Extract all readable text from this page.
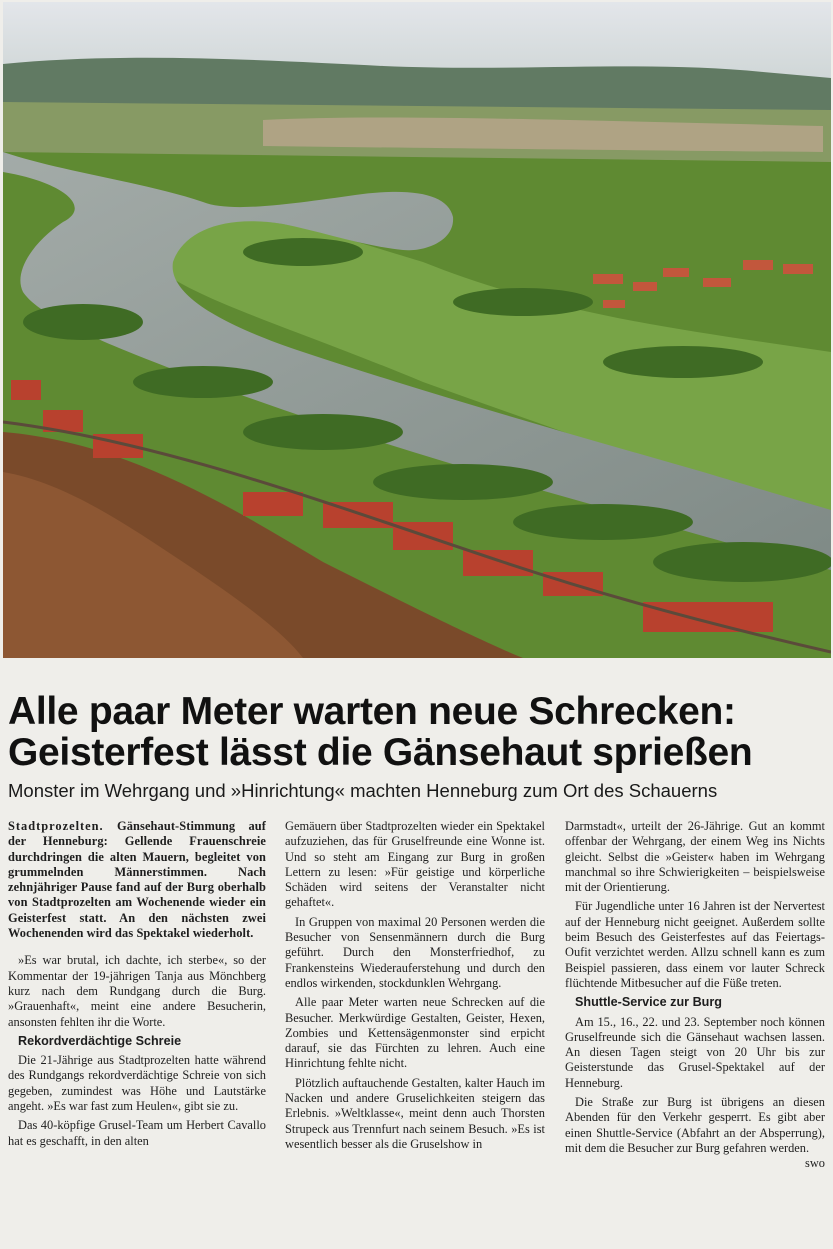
Alle paar Meter warten neue Schrecken:
Geisterfest lässt die Gänsehaut sprießen
Monster im Wehrgang und »Hinrichtung« machten Henneburg zum Ort des Schauerns

Stadtprozelten. Gänsehaut-Stimmung auf der Henneburg: Gellende Frauenschreie durchdringen die alten Mauern, begleitet von grummelnden Männerstimmen. Nach zehnjähriger Pause fand auf der Burg oberhalb von Stadtprozelten am Wochenende wieder ein Geisterfest statt. An den nächsten zwei Wochenenden wird das Spektakel wiederholt.

»Es war brutal, ich dachte, ich sterbe«, so der Kommentar der 19-jährigen Tanja aus Mönchberg kurz nach dem Rundgang durch die Burg. »Grauenhaft«, meint eine andere Besucherin, ansonsten fehlten ihr die Worte.

Rekordverdächtige Schreie

Die 21-Jährige aus Stadtprozelten hatte während des Rundgangs rekordverdächtige Schreie von sich gegeben, zumindest was Höhe und Lautstärke angeht. »Es war fast zum Heulen«, gibt sie zu.

Das 40-köpfige Grusel-Team um Herbert Cavallo hat es geschafft, in den alten

Gemäuern über Stadtprozelten wieder ein Spektakel aufzuziehen, das für Gruselfreunde eine Wonne ist. Und so steht am Eingang zur Burg in großen Lettern zu lesen: »Für geistige und körperliche Schäden wird seitens der Veranstalter nicht gehaftet«.

In Gruppen von maximal 20 Personen werden die Besucher von Sensenmännern durch die Burg geführt. Durch den Monsterfriedhof, zu Frankensteins Wiederauferstehung und durch den endlos wirkenden, stockdunklen Wehrgang.

Alle paar Meter warten neue Schrecken auf die Besucher. Merkwürdige Gestalten, Geister, Hexen, Zombies und Kettensägenmonster sind erpicht darauf, sie das Fürchten zu lehren. Auch eine Hinrichtung fehlte nicht.

Plötzlich auftauchende Gestalten, kalter Hauch im Nacken und andere Gruselichkeiten steigern das Erlebnis. »Weltklasse«, meint denn auch Thorsten Strupeck aus Trennfurt nach seinem Besuch. »Es ist wesentlich besser als die Gruselshow in

Darmstadt«, urteilt der 26-Jährige. Gut an kommt offenbar der Wehrgang, der einem Weg ins Nichts gleicht. Selbst die »Geister« haben im Wehrgang manchmal so ihre Schwierigkeiten – beispielsweise mit der Orientierung.

Für Jugendliche unter 16 Jahren ist der Nervertest auf der Henneburg nicht geeignet. Außerdem sollte beim Besuch des Geisterfestes auf das Feiertags-Oufit verzichtet werden. Allzu schnell kann es zum Beispiel passieren, dass einem vor lauter Schreck flüchtende Mitbesucher auf die Füße treten.

Shuttle-Service zur Burg

Am 15., 16., 22. und 23. September noch können Gruselfreunde sich die Gänsehaut wachsen lassen. An diesen Tagen steigt von 20 Uhr bis zur Geisterstunde das Grusel-Spektakel auf der Henneburg.

Die Straße zur Burg ist übrigens an diesen Abenden für den Verkehr gesperrt. Es gibt aber einen Shuttle-Service (Abfahrt an der Absperrung), mit dem die Besucher zur Burg gefahren werden.
swo
